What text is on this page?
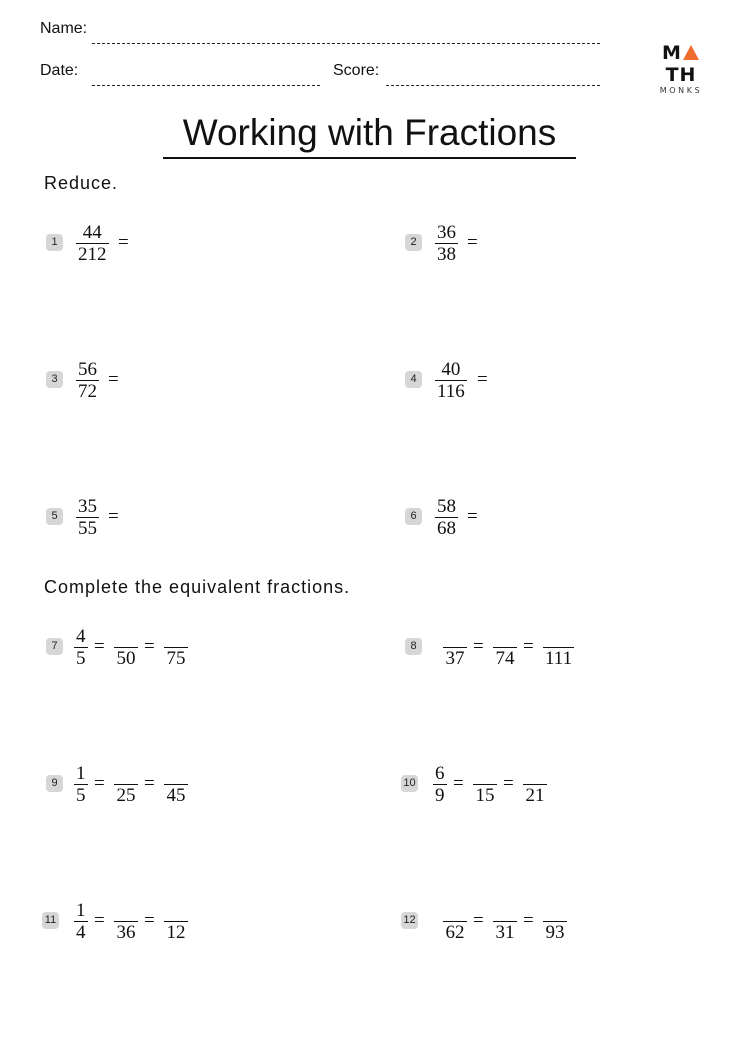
Name:
Date:	Score:
MTH
MONKS
Working with Fractions
Reduce.
Complete the equivalent fractions.
1 44
212
=	2 36
38
=
3 56
72
=	4 40
116
=
5 35
55
=	6 58
68
=
7 4
5
=
50
=
75
8
37
=
74
=
111
9 1
5
=
25
=
45
10 6
9
=
15
=
21
11 1
4
=
36
=
12
12
62
=
31
=
93
